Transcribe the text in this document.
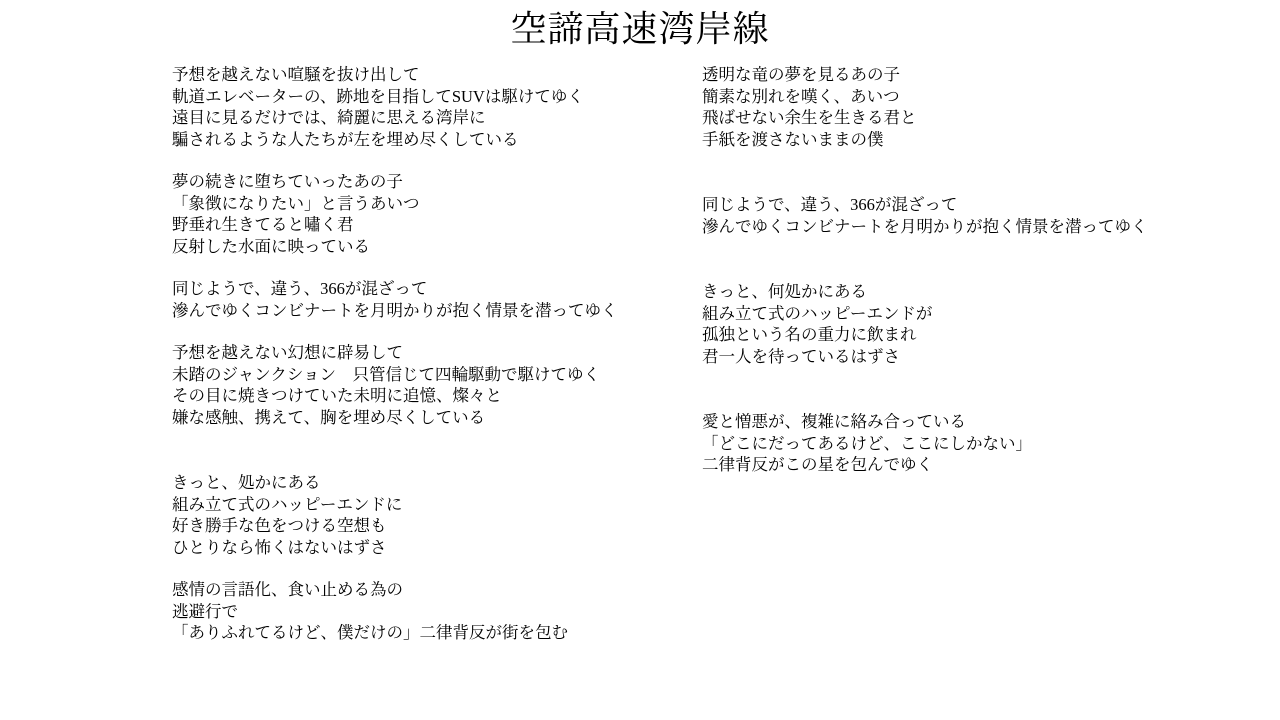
空諦高速湾岸線
予想を越えない喧騒を抜け出して
軌道エレベーターの、跡地を目指してSUVは駆けてゆく
遠目に見るだけでは、綺麗に思える湾岸に
騙されるような人たちが左を埋め尽くしている
夢の続きに堕ちていったあの子
「象徴になりたい」と言うあいつ
野垂れ生きてると嘯く君
反射した水面に映っている
同じようで、違う、366が混ざって
滲んでゆくコンビナートを月明かりが抱く情景を潜ってゆく
予想を越えない幻想に辟易して
未踏のジャンクション　只管信じて四輪駆動で駆けてゆく
その目に焼きつけていた未明に追憶、燦々と
嫌な感触、携えて、胸を埋め尽くしている
きっと、処かにある
組み立て式のハッピーエンドに
好き勝手な色をつける空想も
ひとりなら怖くはないはずさ
感情の言語化、食い止める為の
逃避行で
「ありふれてるけど、僕だけの」二律背反が街を包む
透明な竜の夢を見るあの子
簡素な別れを嘆く、あいつ
飛ばせない余生を生きる君と
手紙を渡さないままの僕
同じようで、違う、366が混ざって
滲んでゆくコンビナートを月明かりが抱く情景を潜ってゆく
きっと、何処かにある
組み立て式のハッピーエンドが
孤独という名の重力に飲まれ
君一人を待っているはずさ
愛と憎悪が、複雑に絡み合っている
「どこにだってあるけど、ここにしかない」
二律背反がこの星を包んでゆく
